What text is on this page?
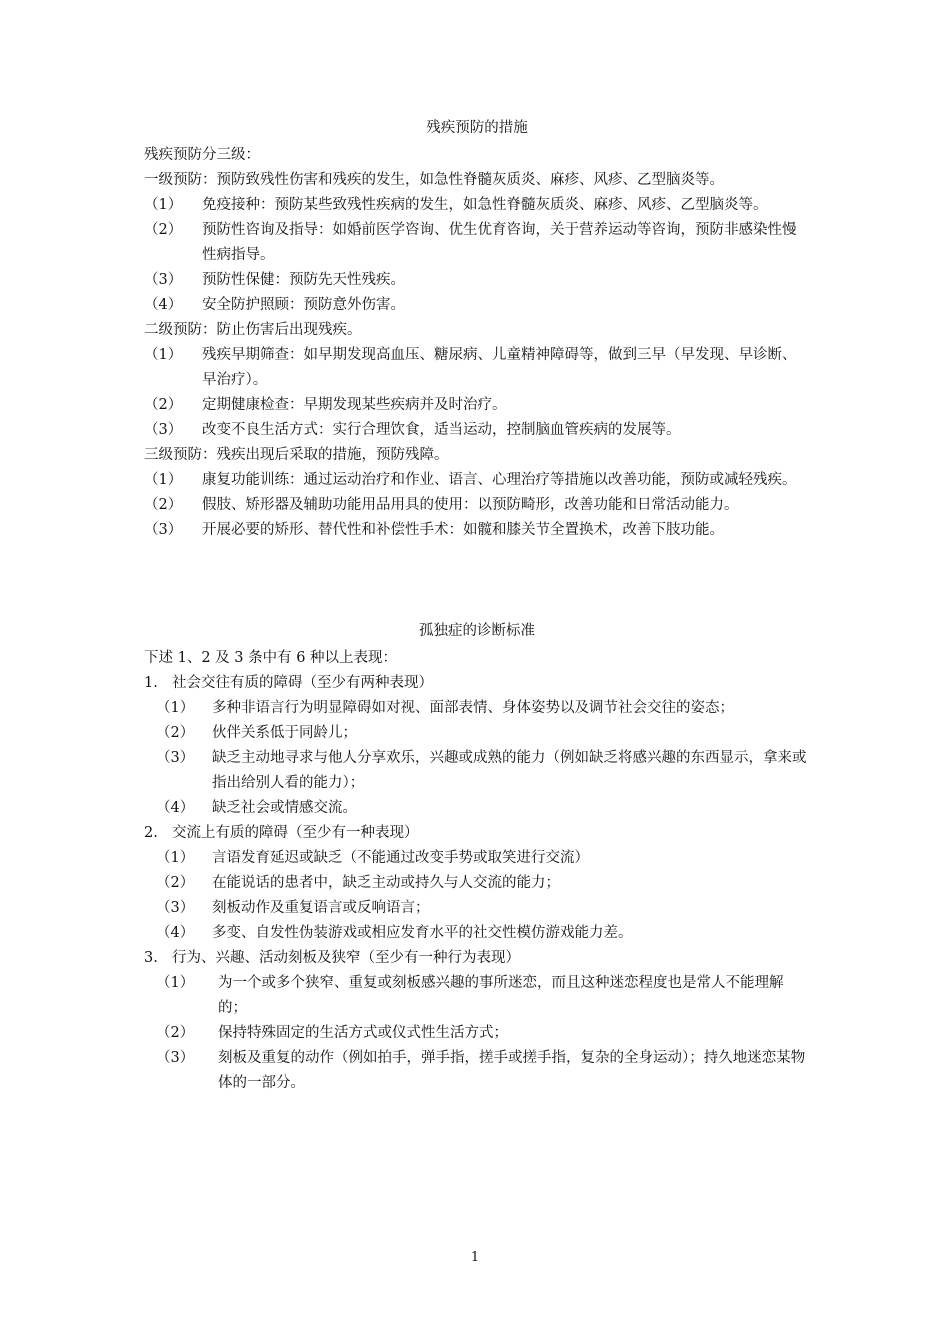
残疾预防的措施
残疾预防分三级：
一级预防：预防致残性伤害和残疾的发生，如急性脊髓灰质炎、麻疹、风疹、乙型脑炎等。
（1）	免疫接种：预防某些致残性疾病的发生，如急性脊髓灰质炎、麻疹、风疹、乙型脑炎等。
（2）	预防性咨询及指导：如婚前医学咨询、优生优育咨询，关于营养运动等咨询，预防非感染性慢性病指导。
（3）	预防性保健：预防先天性残疾。
（4）	安全防护照顾：预防意外伤害。
二级预防：防止伤害后出现残疾。
（1）	残疾早期筛查：如早期发现高血压、糖尿病、儿童精神障碍等，做到三早（早发现、早诊断、早治疗）。
（2）	定期健康检查：早期发现某些疾病并及时治疗。
（3）	改变不良生活方式：实行合理饮食，适当运动，控制脑血管疾病的发展等。
三级预防：残疾出现后采取的措施，预防残障。
（1）	康复功能训练：通过运动治疗和作业、语言、心理治疗等措施以改善功能，预防或减轻残疾。
（2）	假肢、矫形器及辅助功能用品用具的使用：以预防畸形，改善功能和日常活动能力。
（3）	开展必要的矫形、替代性和补偿性手术：如髋和膝关节全置换术，改善下肢功能。
孤独症的诊断标准
下述 1、2 及 3 条中有 6 种以上表现：
1. 社会交往有质的障碍（至少有两种表现）
（1）	多种非语言行为明显障碍如对视、面部表情、身体姿势以及调节社会交往的姿态；
（2）	伙伴关系低于同龄儿；
（3）	缺乏主动地寻求与他人分享欢乐，兴趣或成熟的能力（例如缺乏将感兴趣的东西显示，拿来或指出给别人看的能力）；
（4）	缺乏社会或情感交流。
2. 交流上有质的障碍（至少有一种表现）
（1）	言语发育延迟或缺乏（不能通过改变手势或取笑进行交流）
（2）	在能说话的患者中，缺乏主动或持久与人交流的能力；
（3）	刻板动作及重复语言或反响语言；
（4）	多变、自发性伪装游戏或相应发育水平的社交性模仿游戏能力差。
3. 行为、兴趣、活动刻板及狭窄（至少有一种行为表现）
（1）	为一个或多个狭窄、重复或刻板感兴趣的事所迷恋，而且这种迷恋程度也是常人不能理解的；
（2）	保持特殊固定的生活方式或仪式性生活方式；
（3）	刻板及重复的动作（例如拍手，弹手指，搓手或搓手指，复杂的全身运动）；持久地迷恋某物体的一部分。
1
